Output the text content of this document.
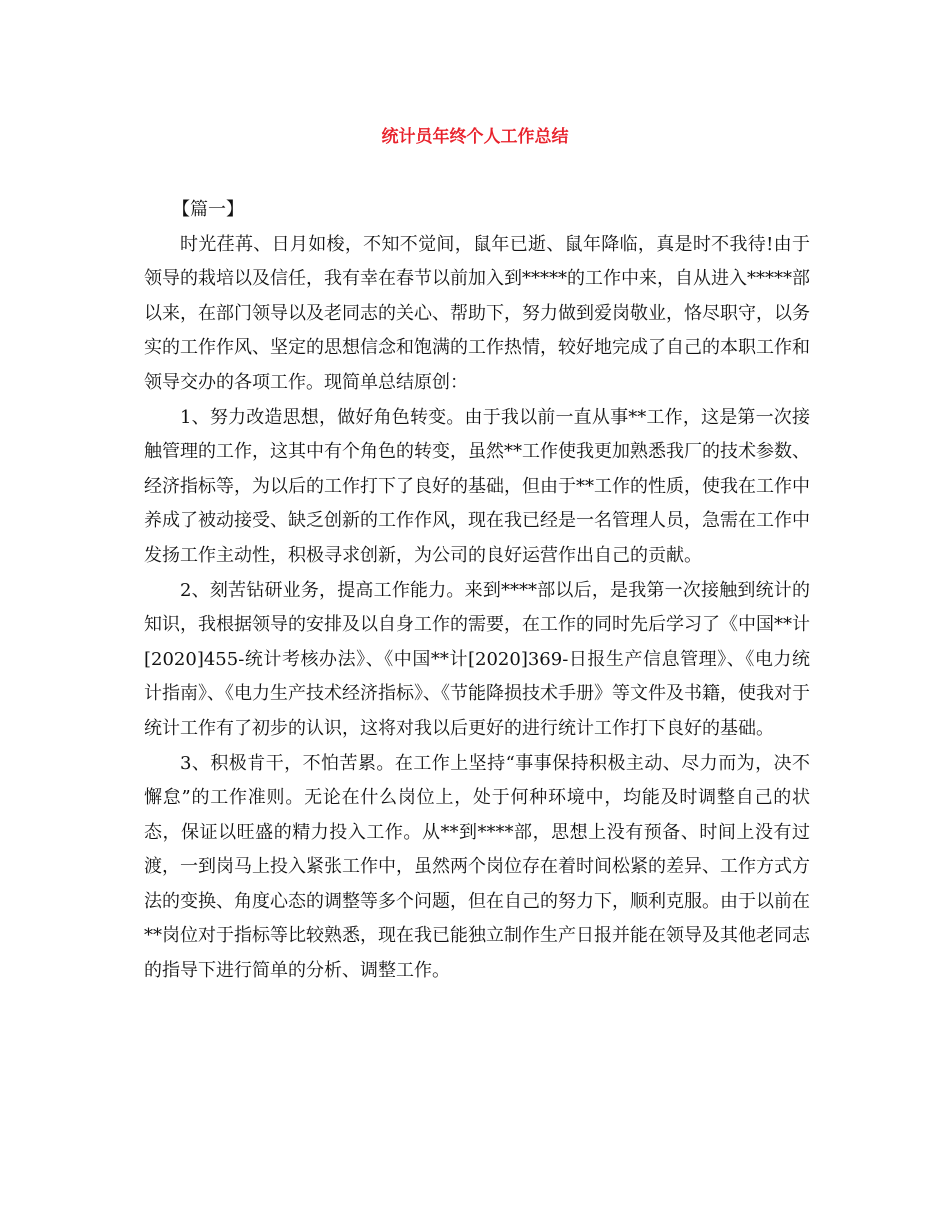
统计员年终个人工作总结

【篇一】

时光荏苒、日月如梭，不知不觉间，鼠年已逝、鼠年降临，真是时不我待!由于领导的栽培以及信任，我有幸在春节以前加入到*****的工作中来，自从进入*****部以来，在部门领导以及老同志的关心、帮助下，努力做到爱岗敬业，恪尽职守，以务实的工作作风、坚定的思想信念和饱满的工作热情，较好地完成了自己的本职工作和领导交办的各项工作。现简单总结原创：

1、努力改造思想，做好角色转变。由于我以前一直从事**工作，这是第一次接触管理的工作，这其中有个角色的转变，虽然**工作使我更加熟悉我厂的技术参数、经济指标等，为以后的工作打下了良好的基础，但由于**工作的性质，使我在工作中养成了被动接受、缺乏创新的工作作风，现在我已经是一名管理人员，急需在工作中发扬工作主动性，积极寻求创新，为公司的良好运营作出自己的贡献。

2、刻苦钻研业务，提高工作能力。来到****部以后，是我第一次接触到统计的知识，我根据领导的安排及以自身工作的需要，在工作的同时先后学习了《中国**计[2020]455-统计考核办法》、《中国**计[2020]369-日报生产信息管理》、《电力统计指南》、《电力生产技术经济指标》、《节能降损技术手册》等文件及书籍，使我对于统计工作有了初步的认识，这将对我以后更好的进行统计工作打下良好的基础。

3、积极肯干，不怕苦累。在工作上坚持“事事保持积极主动、尽力而为，决不懈怠”的工作准则。无论在什么岗位上，处于何种环境中，均能及时调整自己的状态，保证以旺盛的精力投入工作。从**到****部，思想上没有预备、时间上没有过渡，一到岗马上投入紧张工作中，虽然两个岗位存在着时间松紧的差异、工作方式方法的变换、角度心态的调整等多个问题，但在自己的努力下，顺利克服。由于以前在**岗位对于指标等比较熟悉，现在我已能独立制作生产日报并能在领导及其他老同志的指导下进行简单的分析、调整工作。
